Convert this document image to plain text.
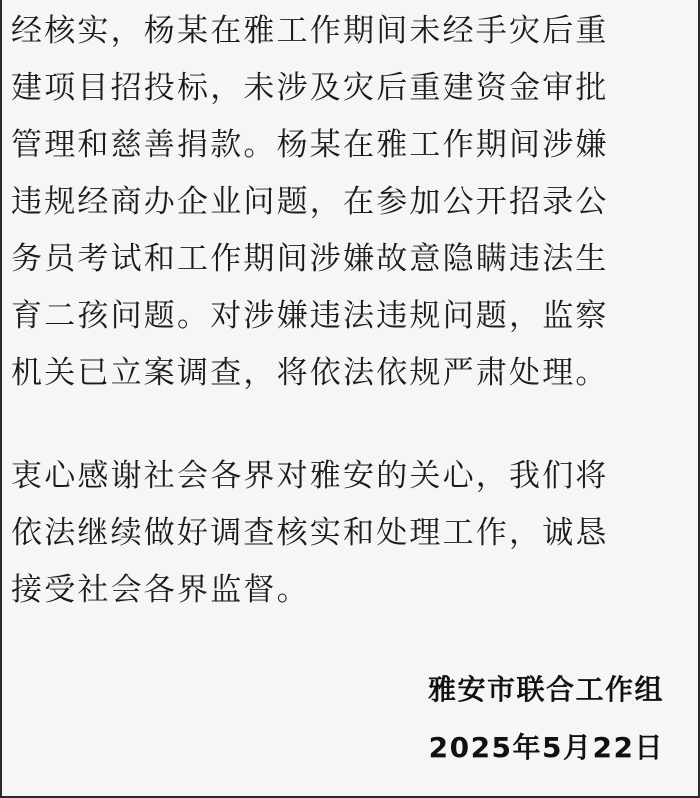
经核实，杨某在雅工作期间未经手灾后重
建项目招投标，未涉及灾后重建资金审批
管理和慈善捐款。杨某在雅工作期间涉嫌
违规经商办企业问题，在参加公开招录公
务员考试和工作期间涉嫌故意隐瞒违法生
育二孩问题。对涉嫌违法违规问题，监察
机关已立案调查，将依法依规严肃处理。
衷心感谢社会各界对雅安的关心，我们将
依法继续做好调查核实和处理工作，诚恳
接受社会各界监督。
雅安市联合工作组
2025年5月22日
